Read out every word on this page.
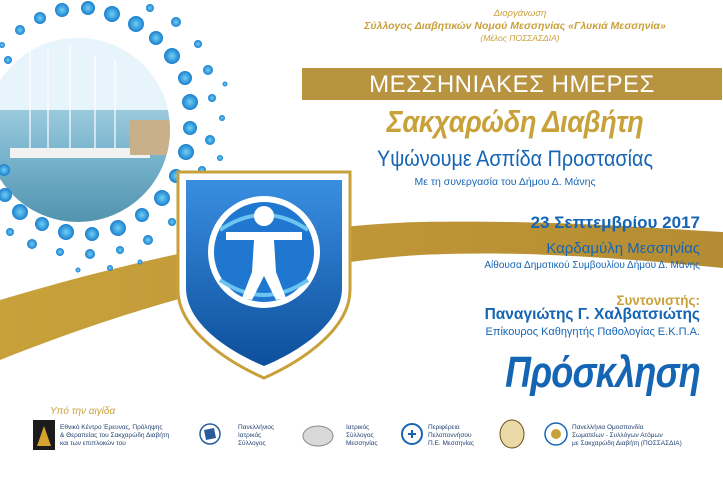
Διοργάνωση
Σύλλογος Διαβητικών Νομού Μεσσηνίας «Γλυκιά Μεσσηνία»
(Μέλος ΠΟΣΣΑΣΔΙΑ)
ΜΕΣΣΗΝΙΑΚΕΣ ΗΜΕΡΕΣ
Σακχαρώδη Διαβήτη
Υψώνουμε Ασπίδα Προστασίας
Με τη συνεργασία του Δήμου Δ. Μάνης
23 Σεπτεμβρίου 2017
Καρδαμύλη Μεσσηνίας
Αίθουσα Δημοτικού Συμβουλίου Δήμου Δ. Μάνης
Συντονιστής:
Παναγιώτης Γ. Χαλβατσιώτης
Επίκουρος Καθηγητής Παθολογίας Ε.Κ.Π.Α.
Πρόσκληση
Υπό την αιγίδα
Εθνικό Κέντρο Έρευνας, Πρόληψης
& Θεραπείας του Σακχαρώδη Διαβήτη
και των επιπλοκών του
Πανελλήνιος
Ιατρικός
Σύλλογος
Ιατρικός
Σύλλογος
Μεσσηνίας
Περιφέρεια
Πελοποννήσου
Π.Ε. Μεσσηνίας
Πανελλήνια Ομοσπονδία
Σωματείων - Συλλόγων Ατόμων
με Σακχαρώδη Διαβήτη (ΠΟΣΣΑΣΔΙΑ)
